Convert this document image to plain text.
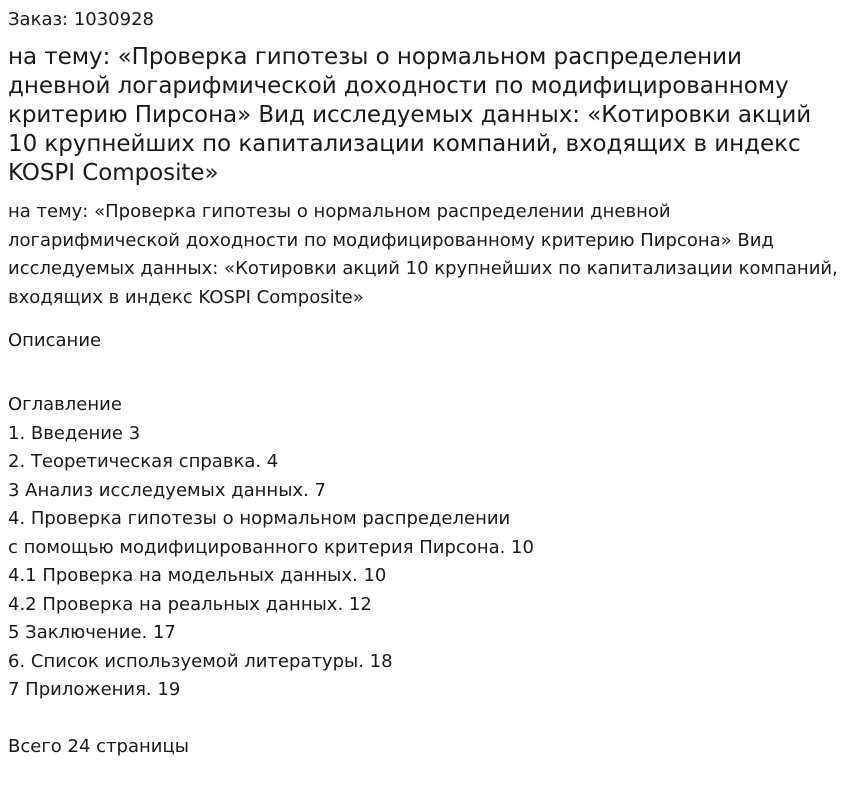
Заказ: 1030928

на тему: «Проверка гипотезы о нормальном распределении дневной логарифмической доходности по модифицированному критерию Пирсона» Вид исследуемых данных: «Котировки акций 10 крупнейших по капитализации компаний, входящих в индекс KOSPI Composite»

на тему: «Проверка гипотезы о нормальном распределении дневной логарифмической доходности по модифицированному критерию Пирсона» Вид исследуемых данных: «Котировки акций 10 крупнейших по капитализации компаний, входящих в индекс KOSPI Composite»

Описание

Оглавление
1. Введение 3
2. Теоретическая справка. 4
3 Анализ исследуемых данных. 7
4. Проверка гипотезы о нормальном распределении
с помощью модифицированного критерия Пирсона. 10
4.1 Проверка на модельных данных. 10
4.2 Проверка на реальных данных. 12
5 Заключение. 17
6. Список используемой литературы. 18
7 Приложения. 19

Всего 24 страницы
